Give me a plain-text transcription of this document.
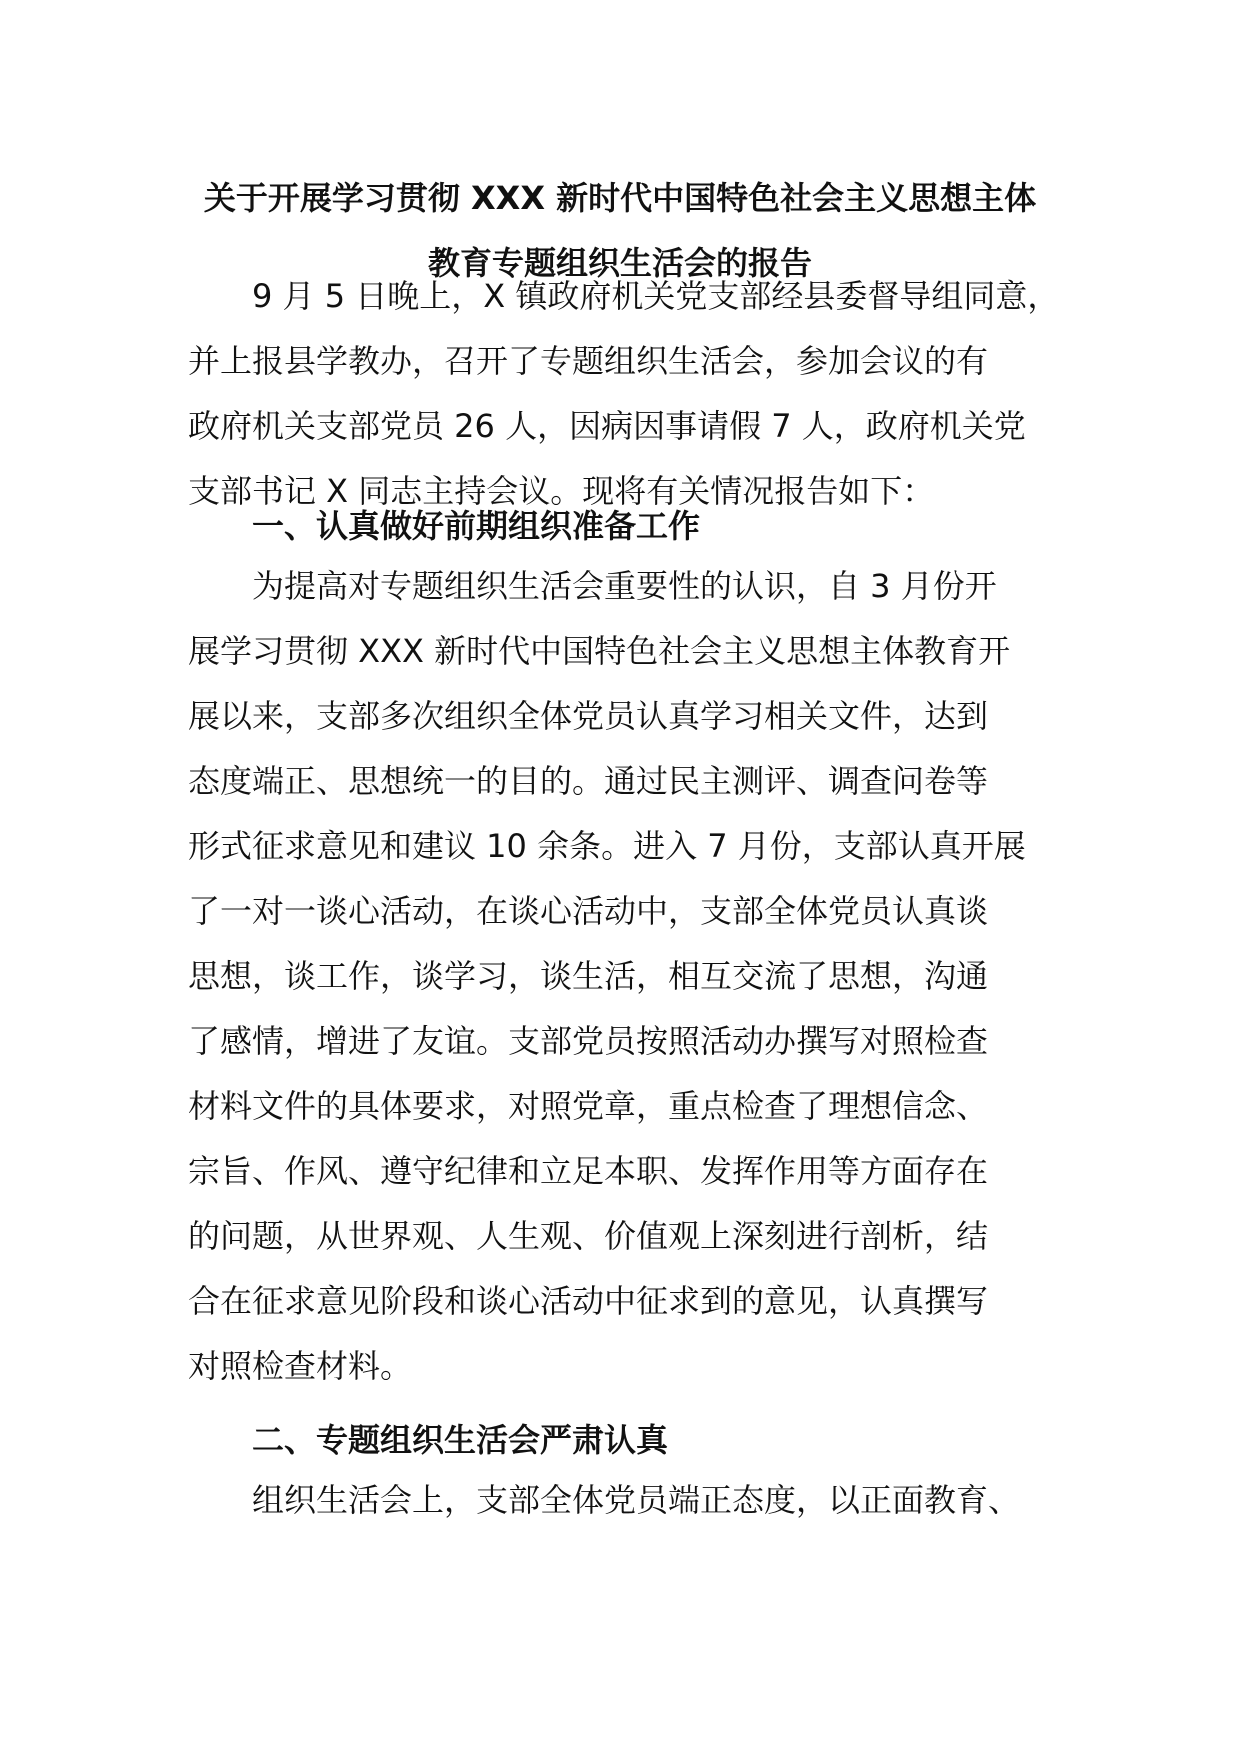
关于开展学习贯彻 XXX 新时代中国特色社会主义思想主体
教育专题组织生活会的报告
9 月 5 日晚上，X 镇政府机关党支部经县委督导组同意，
并上报县学教办，召开了专题组织生活会，参加会议的有
政府机关支部党员 26 人，因病因事请假 7 人，政府机关党
支部书记 X 同志主持会议。现将有关情况报告如下：
一、认真做好前期组织准备工作
为提高对专题组织生活会重要性的认识，自 3 月份开
展学习贯彻 XXX 新时代中国特色社会主义思想主体教育开
展以来，支部多次组织全体党员认真学习相关文件，达到
态度端正、思想统一的目的。通过民主测评、调查问卷等
形式征求意见和建议 10 余条。进入 7 月份，支部认真开展
了一对一谈心活动，在谈心活动中，支部全体党员认真谈
思想，谈工作，谈学习，谈生活，相互交流了思想，沟通
了感情，增进了友谊。支部党员按照活动办撰写对照检查
材料文件的具体要求，对照党章，重点检查了理想信念、
宗旨、作风、遵守纪律和立足本职、发挥作用等方面存在
的问题，从世界观、人生观、价值观上深刻进行剖析，结
合在征求意见阶段和谈心活动中征求到的意见，认真撰写
对照检查材料。
二、专题组织生活会严肃认真
组织生活会上，支部全体党员端正态度，以正面教育、
